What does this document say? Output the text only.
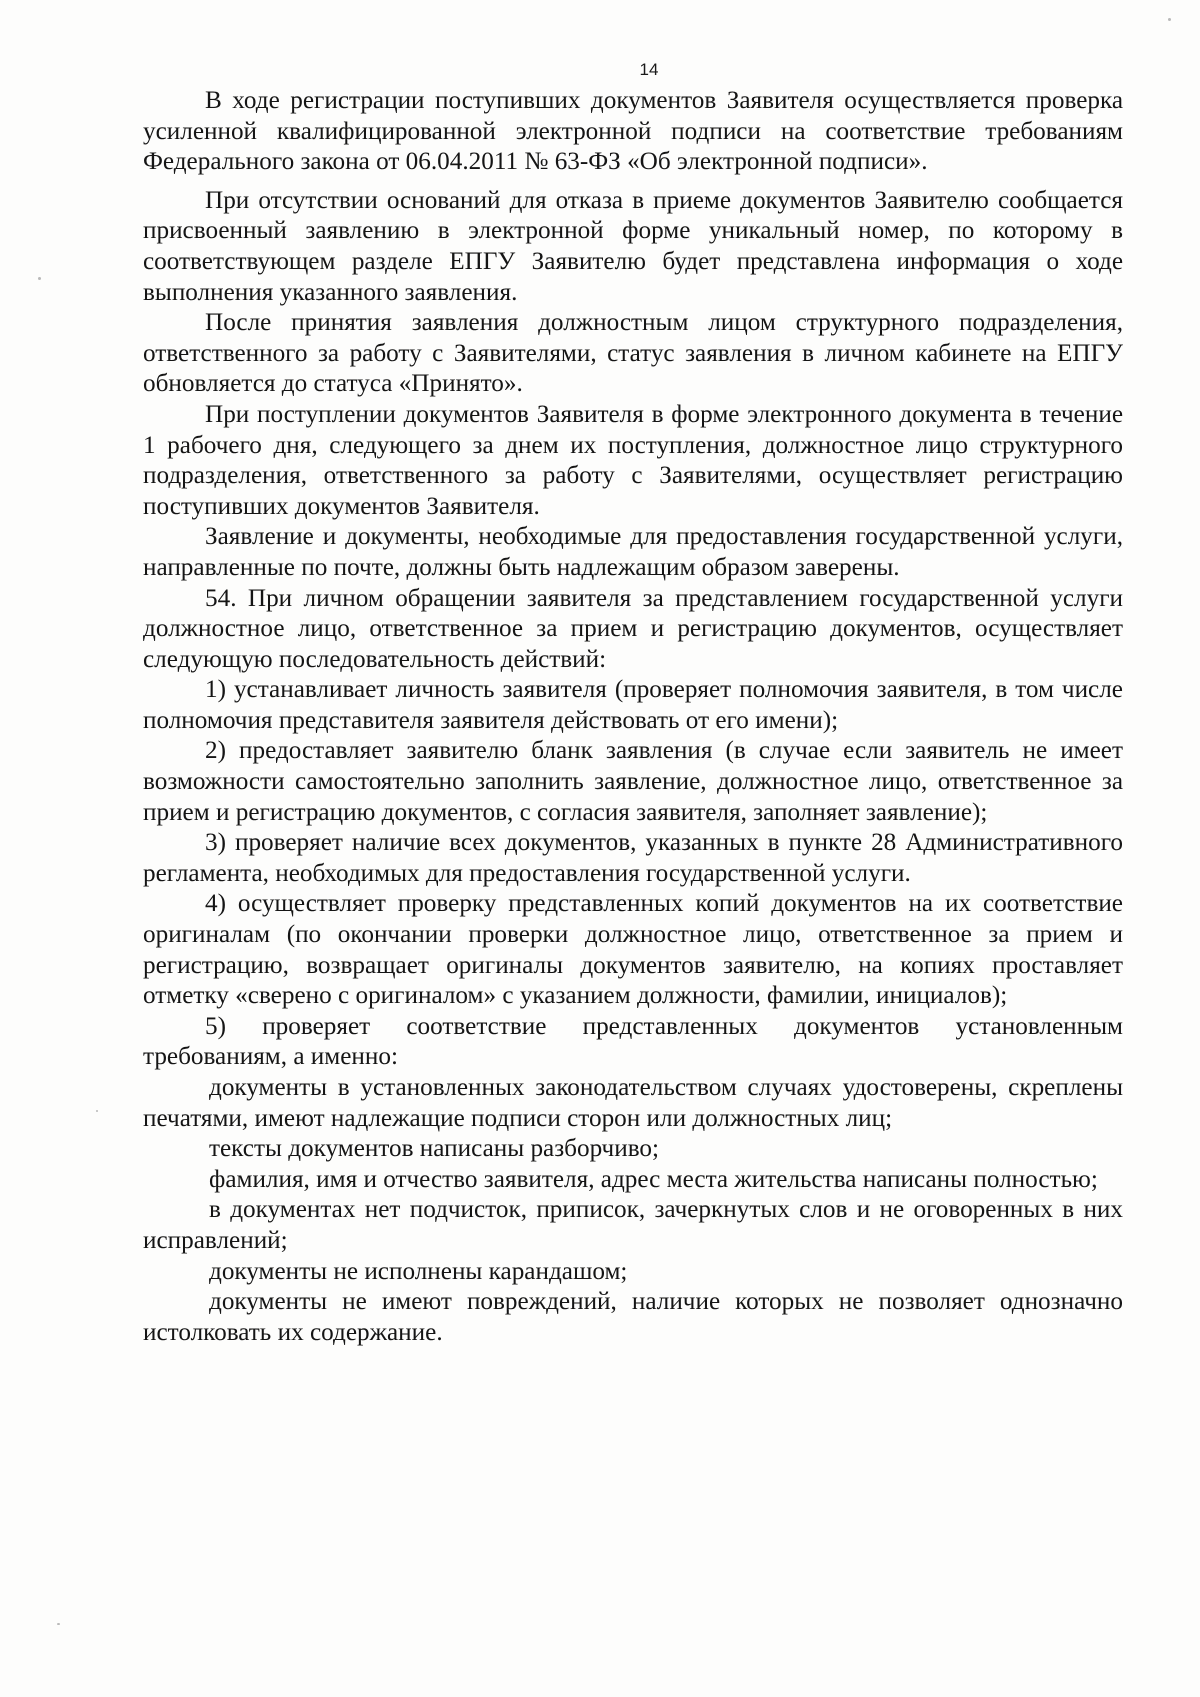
14

В ходе регистрации поступивших документов Заявителя осуществляется проверка усиленной квалифицированной электронной подписи на соответствие требованиям Федерального закона от 06.04.2011 № 63-ФЗ «Об электронной подписи».

При отсутствии оснований для отказа в приеме документов Заявителю сообщается присвоенный заявлению в электронной форме уникальный номер, по которому в соответствующем разделе ЕПГУ Заявителю будет представлена информация о ходе выполнения указанного заявления.

После принятия заявления должностным лицом структурного подразделения, ответственного за работу с Заявителями, статус заявления в личном кабинете на ЕПГУ обновляется до статуса «Принято».

При поступлении документов Заявителя в форме электронного документа в течение 1 рабочего дня, следующего за днем их поступления, должностное лицо структурного подразделения, ответственного за работу с Заявителями, осуществляет регистрацию поступивших документов Заявителя.

Заявление и документы, необходимые для предоставления государственной услуги, направленные по почте, должны быть надлежащим образом заверены.

54. При личном обращении заявителя за представлением государственной услуги должностное лицо, ответственное за прием и регистрацию документов, осуществляет следующую последовательность действий:

1) устанавливает личность заявителя (проверяет полномочия заявителя, в том числе полномочия представителя заявителя действовать от его имени);

2) предоставляет заявителю бланк заявления (в случае если заявитель не имеет возможности самостоятельно заполнить заявление, должностное лицо, ответственное за прием и регистрацию документов, с согласия заявителя, заполняет заявление);

3) проверяет наличие всех документов, указанных в пункте 28 Административного регламента, необходимых для предоставления государственной услуги.

4) осуществляет проверку представленных копий документов на их соответствие оригиналам (по окончании проверки должностное лицо, ответственное за прием и регистрацию, возвращает оригиналы документов заявителю, на копиях проставляет отметку «сверено с оригиналом» с указанием должности, фамилии, инициалов);

5) проверяет соответствие представленных документов установленным требованиям, а именно:

документы в установленных законодательством случаях удостоверены, скреплены печатями, имеют надлежащие подписи сторон или должностных лиц;

тексты документов написаны разборчиво;

фамилия, имя и отчество заявителя, адрес места жительства написаны полностью;

в документах нет подчисток, приписок, зачеркнутых слов и не оговоренных в них исправлений;

документы не исполнены карандашом;

документы не имеют повреждений, наличие которых не позволяет однозначно истолковать их содержание.
